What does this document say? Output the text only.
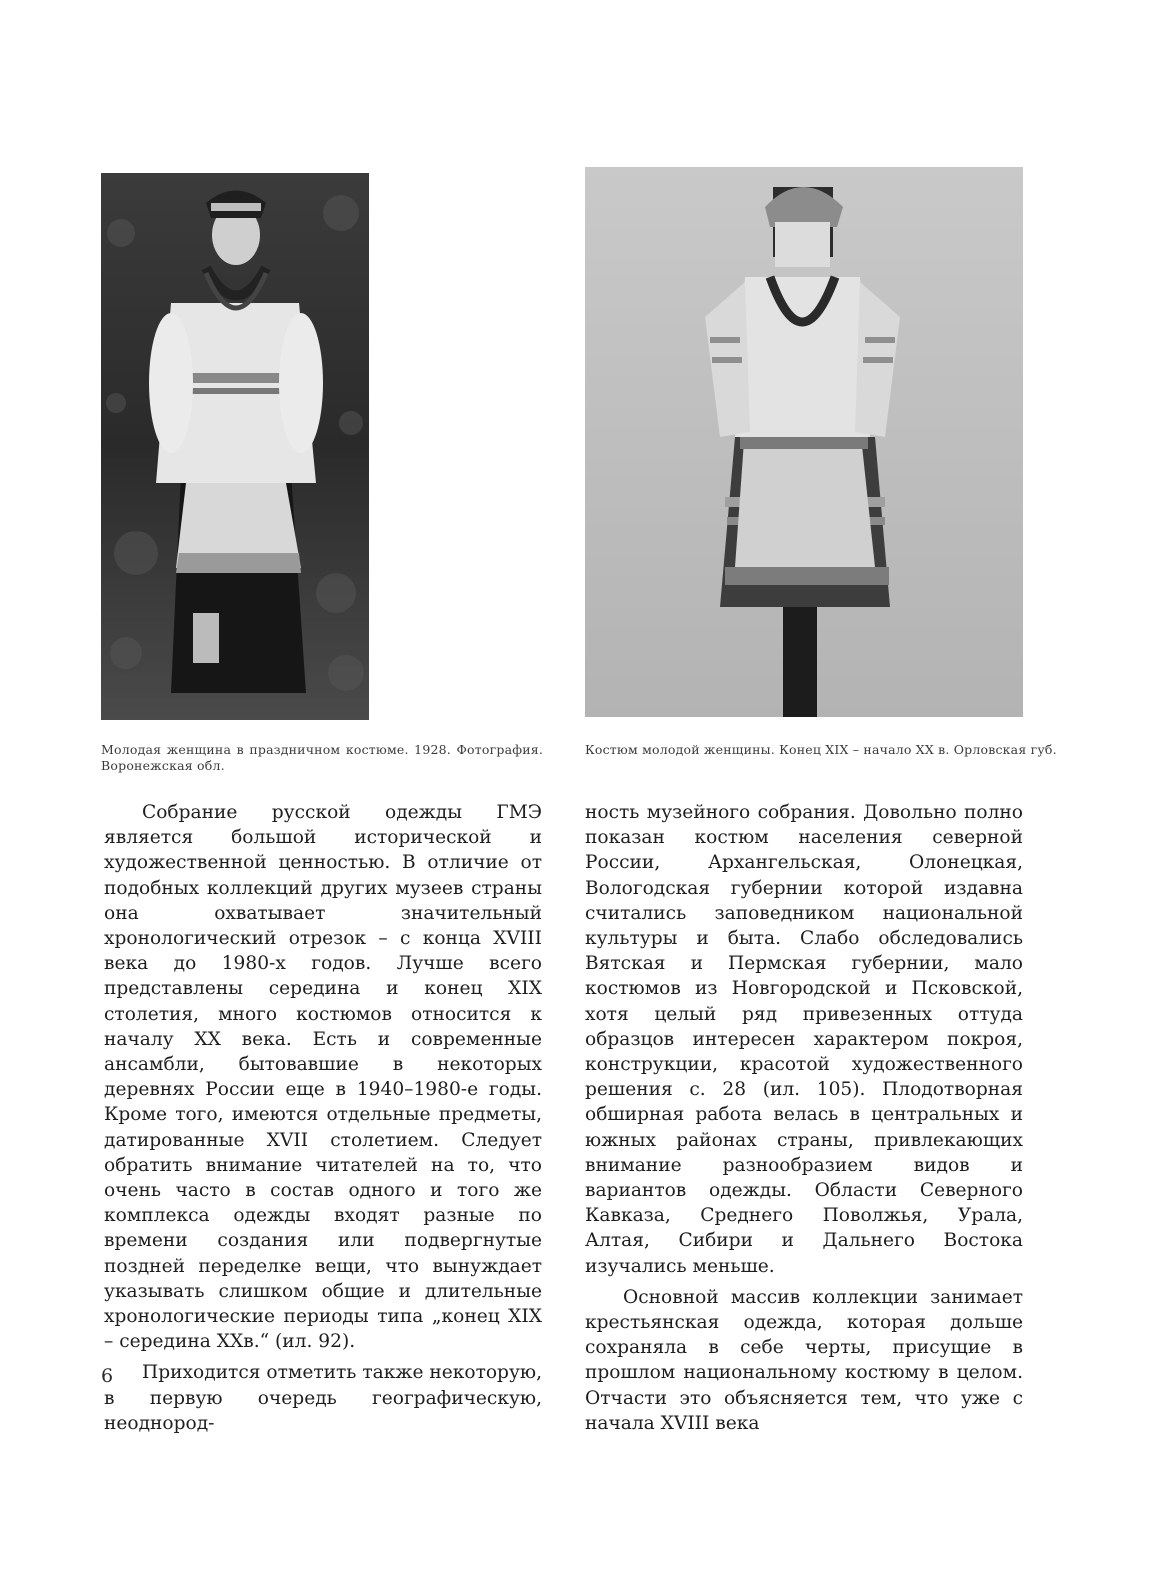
Молодая женщина в праздничном костюме. 1928. Фотография. Воронежская обл.
Костюм молодой женщины. Конец XIX – начало XX в. Орловская губ.

Собрание русской одежды ГМЭ является большой исторической и художественной ценностью. В отличие от подобных коллекций других музеев страны она охватывает значительный хронологический отрезок – с конца XVIII века до 1980-х годов. Лучше всего представлены середина и конец XIX столетия, много костюмов относится к началу XX века. Есть и современные ансамбли, бытовавшие в некоторых деревнях России еще в 1940–1980-е годы. Кроме того, имеются отдельные предметы, датированные XVII столетием. Следует обратить внимание читателей на то, что очень часто в состав одного и того же комплекса одежды входят разные по времени создания или подвергнутые поздней переделке вещи, что вынуждает указывать слишком общие и длительные хронологические периоды типа „конец XIX – середина XXв.“ (ил. 92).

Приходится отметить также некоторую, в первую очередь географическую, неоднород-

ность музейного собрания. Довольно полно показан костюм населения северной России, Архангельская, Олонецкая, Вологодская губернии которой издавна считались заповедником национальной культуры и быта. Слабо обследовались Вятская и Пермская губернии, мало костюмов из Новгородской и Псковской, хотя целый ряд привезенных оттуда образцов интересен характером покроя, конструкции, красотой художественного решения с. 28 (ил. 105). Плодотворная обширная работа велась в центральных и южных районах страны, привлекающих внимание разнообразием видов и вариантов одежды. Области Северного Кавказа, Среднего Поволжья, Урала, Алтая, Сибири и Дальнего Востока изучались меньше.

Основной массив коллекции занимает крестьянская одежда, которая дольше сохраняла в себе черты, присущие в прошлом национальному костюму в целом. Отчасти это объясняется тем, что уже с начала XVIII века

6
